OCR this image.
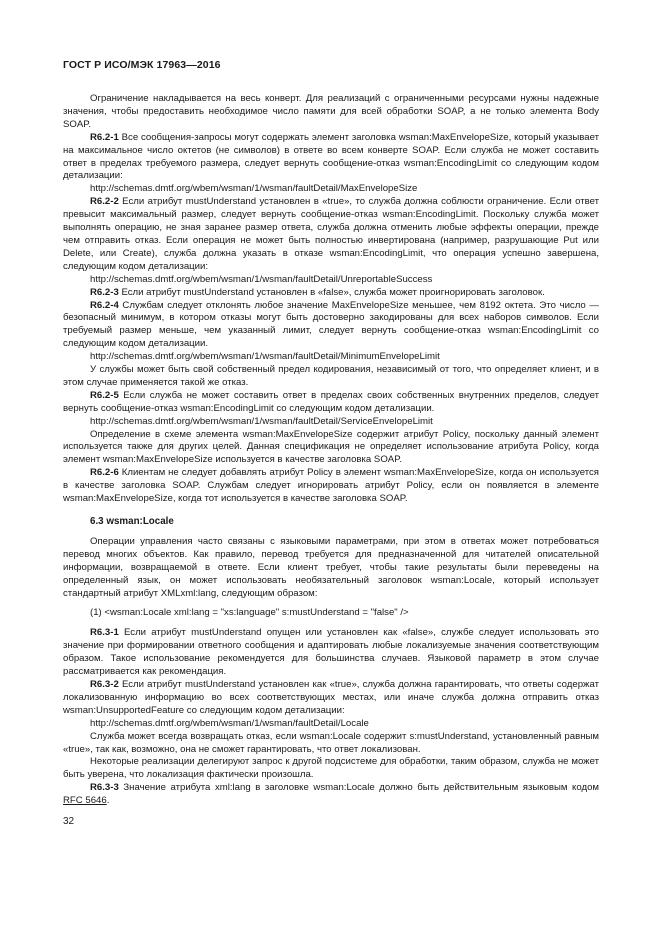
ГОСТ Р ИСО/МЭК 17963—2016

Ограничение накладывается на весь конверт. Для реализаций с ограниченными ресурсами нужны надежные значения, чтобы предоставить необходимое число памяти для всей обработки SOAP, а не только элемента Body SOAP.

R6.2-1 Все сообщения-запросы могут содержать элемент заголовка wsman:MaxEnvelopeSize, который указывает на максимальное число октетов (не символов) в ответе во всем конверте SOAP. Если служба не может составить ответ в пределах требуемого размера, следует вернуть сообщение-отказ wsman:EncodingLimit со следующим кодом детализации:

http://schemas.dmtf.org/wbem/wsman/1/wsman/faultDetail/MaxEnvelopeSize

R6.2-2 Если атрибут mustUnderstand установлен в «true», то служба должна соблюсти ограничение. Если ответ превысит максимальный размер, следует вернуть сообщение-отказ wsman:EncodingLimit. Поскольку служба может выполнять операцию, не зная заранее размер ответа, служба должна отменить любые эффекты операции, прежде чем отправить отказ. Если операция не может быть полностью инвертирована (например, разрушающие Put или Delete, или Create), служба должна указать в отказе wsman:EncodingLimit, что операция успешно завершена, следующим кодом детализации:

http://schemas.dmtf.org/wbem/wsman/1/wsman/faultDetail/UnreportableSuccess

R6.2-3 Если атрибут mustUnderstand установлен в «false», служба может проигнорировать заголовок.

R6.2-4 Службам следует отклонять любое значение MaxEnvelopeSize меньшее, чем 8192 октета. Это число — безопасный минимум, в котором отказы могут быть достоверно закодированы для всех наборов символов. Если требуемый размер меньше, чем указанный лимит, следует вернуть сообщение-отказ wsman:EncodingLimit со следующим кодом детализации.

http://schemas.dmtf.org/wbem/wsman/1/wsman/faultDetail/MinimumEnvelopeLimit

У службы может быть свой собственный предел кодирования, независимый от того, что определяет клиент, и в этом случае применяется такой же отказ.

R6.2-5 Если служба не может составить ответ в пределах своих собственных внутренних пределов, следует вернуть сообщение-отказ wsman:EncodingLimit со следующим кодом детализации.

http://schemas.dmtf.org/wbem/wsman/1/wsman/faultDetail/ServiceEnvelopeLimit

Определение в схеме элемента wsman:MaxEnvelopeSize содержит атрибут Policy, поскольку данный элемент используется также для других целей. Данная спецификация не определяет использование атрибута Policy, когда элемент wsman:MaxEnvelopeSize используется в качестве заголовка SOAP.

R6.2-6 Клиентам не следует добавлять атрибут Policy в элемент wsman:MaxEnvelopeSize, когда он используется в качестве заголовка SOAP. Службам следует игнорировать атрибут Policy, если он появляется в элементе wsman:MaxEnvelopeSize, когда тот используется в качестве заголовка SOAP.

6.3 wsman:Locale

Операции управления часто связаны с языковыми параметрами, при этом в ответах может потребоваться перевод многих объектов. Как правило, перевод требуется для предназначенной для читателей описательной информации, возвращаемой в ответе. Если клиент требует, чтобы такие результаты были переведены на определенный язык, он может использовать необязательный заголовок wsman:Locale, который использует стандартный атрибут XMLxml:lang, следующим образом:

(1) <wsman:Locale xml:lang = "xs:language" s:mustUnderstand = "false" />

R6.3-1 Если атрибут mustUnderstand опущен или установлен как «false», службе следует использовать это значение при формировании ответного сообщения и адаптировать любые локализуемые значения соответствующим образом. Такое использование рекомендуется для большинства случаев. Языковой параметр в этом случае рассматривается как рекомендация.

R6.3-2 Если атрибут mustUnderstand установлен как «true», служба должна гарантировать, что ответы содержат локализованную информацию во всех соответствующих местах, или иначе служба должна отправить отказ wsman:UnsupportedFeature со следующим кодом детализации:

http://schemas.dmtf.org/wbem/wsman/1/wsman/faultDetail/Locale

Служба может всегда возвращать отказ, если wsman:Locale содержит s:mustUnderstand, установленный равным «true», так как, возможно, она не сможет гарантировать, что ответ локализован.

Некоторые реализации делегируют запрос к другой подсистеме для обработки, таким образом, служба не может быть уверена, что локализация фактически произошла.

R6.3-3 Значение атрибута xml:lang в заголовке wsman:Locale должно быть действительным языковым кодом RFC 5646.

32
